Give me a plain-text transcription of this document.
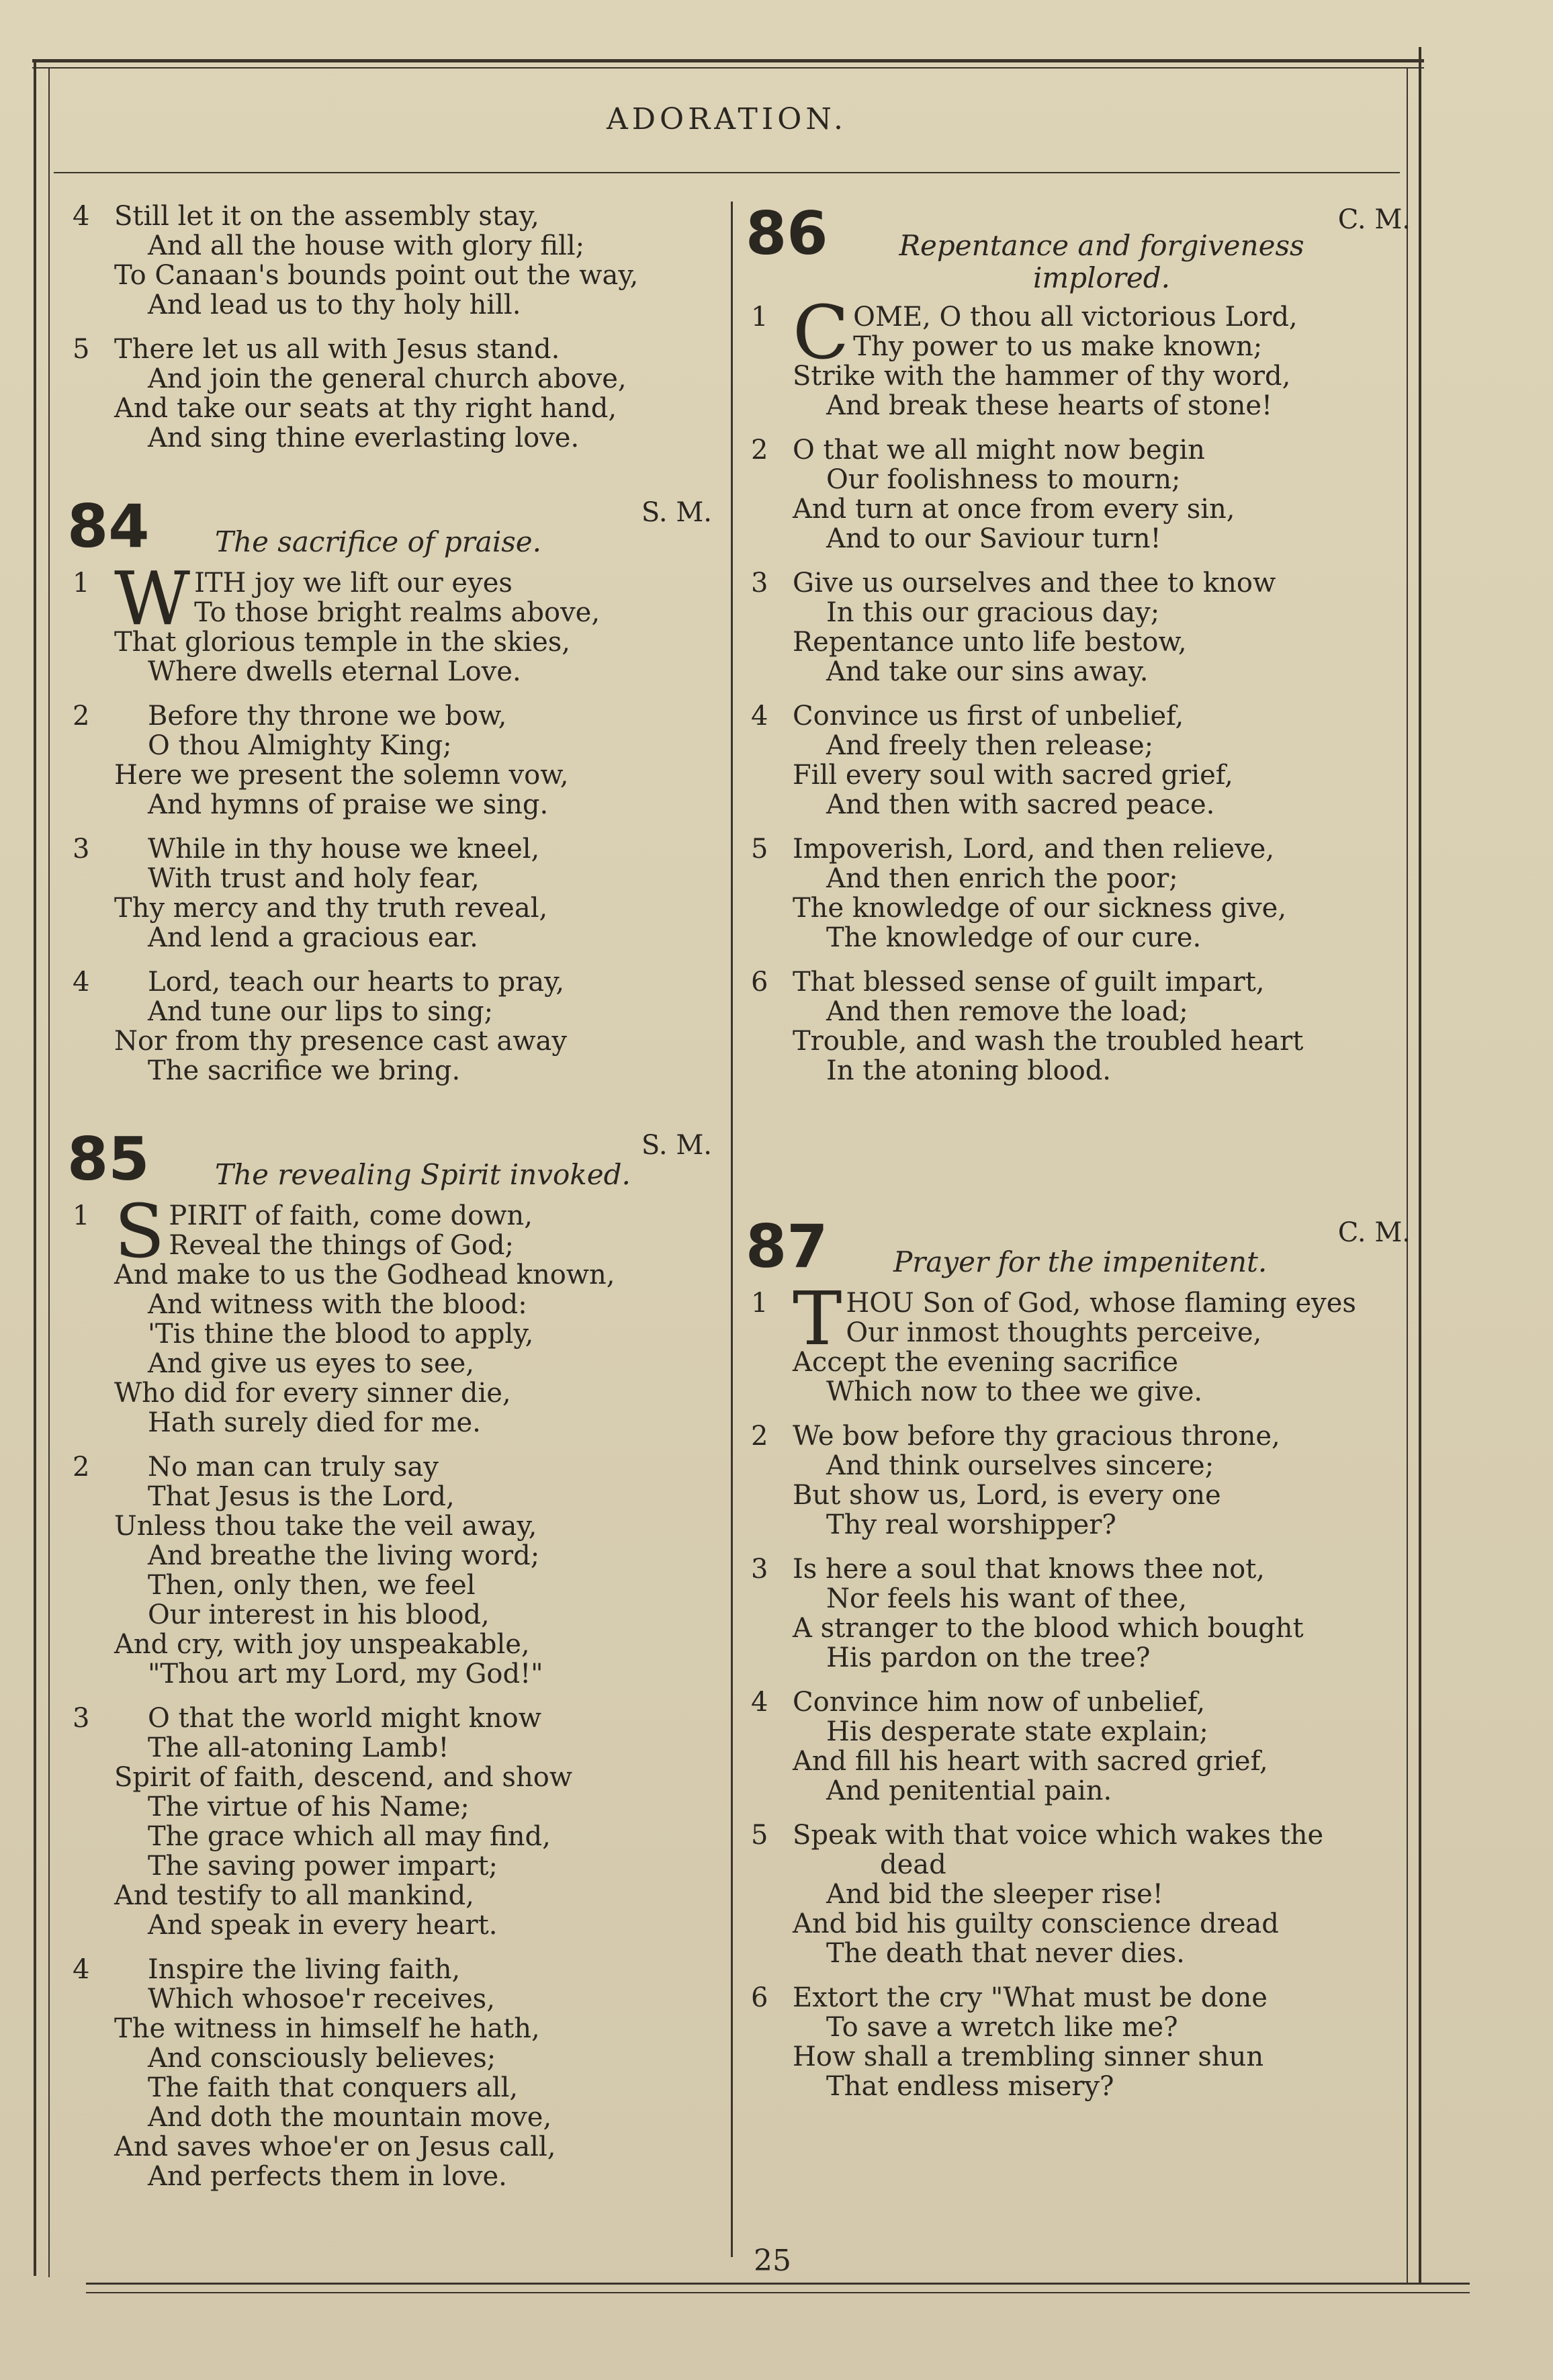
ADORATION.
4 Still let it on the assembly stay,
And all the house with glory fill;
To Canaan's bounds point out the way,
And lead us to thy holy hill.
5 There let us all with Jesus stand.
And join the general church above,
And take our seats at thy right hand,
And sing thine everlasting love.
84 The sacrifice of praise.
S. M.
1 W ITH joy we lift our eyes
To those bright realms above,
That glorious temple in the skies,
Where dwells eternal Love.
2	Before thy throne we bow,
O thou Almighty King;
Here we present the solemn vow,
And hymns of praise we sing.
3	While in thy house we kneel,
With trust and holy fear,
Thy mercy and thy truth reveal,
And lend a gracious ear.
4	Lord, teach our hearts to pray,
And tune our lips to sing;
Nor from thy presence cast away
The sacrifice we bring.
85 The revealing Spirit invoked.
S. M.
1 S PIRIT of faith, come down,
Reveal the things of God;
And make to us the Godhead known,
And witness with the blood:
'Tis thine the blood to apply,
And give us eyes to see,
Who did for every sinner die,
Hath surely died for me.
2	No man can truly say
That Jesus is the Lord,
Unless thou take the veil away,
And breathe the living word;
Then, only then, we feel
Our interest in his blood,
And cry, with joy unspeakable,
"Thou art my Lord, my God!"
3	O that the world might know
The all-atoning Lamb!
Spirit of faith, descend, and show
The virtue of his Name;
The grace which all may find,
The saving power impart;
And testify to all mankind,
And speak in every heart.
4	Inspire the living faith,
Which whosoe'r receives,
The witness in himself he hath,
And consciously believes;
The faith that conquers all,
And doth the mountain move,
And saves whoe'er on Jesus call,
And perfects them in love.
86	Repentance and forgiveness
implored.
C. M.
1 C OME, O thou all victorious Lord,
Thy power to us make known;
Strike with the hammer of thy word,
And break these hearts of stone!
2 O that we all might now begin
Our foolishness to mourn;
And turn at once from every sin,
And to our Saviour turn!
3 Give us ourselves and thee to know
In this our gracious day;
Repentance unto life bestow,
And take our sins away.
4 Convince us first of unbelief,
And freely then release;
Fill every soul with sacred grief,
And then with sacred peace.
5 Impoverish, Lord, and then relieve,
And then enrich the poor;
The knowledge of our sickness give,
The knowledge of our cure.
6 That blessed sense of guilt impart,
And then remove the load;
Trouble, and wash the troubled heart
In the atoning blood.
87 Prayer for the impenitent.
C. M.
1 T HOU Son of God, whose flaming eyes
Our inmost thoughts perceive,
Accept the evening sacrifice
Which now to thee we give.
2 We bow before thy gracious throne,
And think ourselves sincere;
But show us, Lord, is every one
Thy real worshipper?
3 Is here a soul that knows thee not,
Nor feels his want of thee,
A stranger to the blood which bought
His pardon on the tree?
4 Convince him now of unbelief,
His desperate state explain;
And fill his heart with sacred grief,
And penitential pain.
5 Speak with that voice which wakes the
dead
And bid the sleeper rise!
And bid his guilty conscience dread
The death that never dies.
6 Extort the cry "What must be done
To save a wretch like me?
How shall a trembling sinner shun
That endless misery?
25
